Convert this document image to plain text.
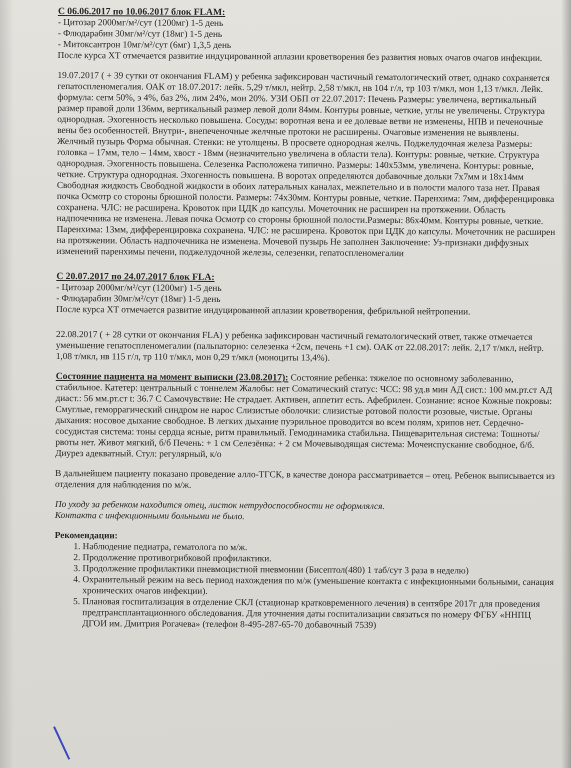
С 06.06.2017 по 10.06.2017 блок FLAM:

- Цитозар 2000мг/м²/сут (1200мг) 1-5 день

- Флюдарабин 30мг/м²/сут (18мг) 1-5 день

- Митоксантрон 10мг/м²/сут (6мг) 1,3,5 день

После курса ХТ отмечается развитие индуцированной аплазии кроветворения без развития новых очагов очагов инфекции.

19.07.2017 ( + 39 сутки от окончания FLAM) у ребенка зафиксирован частичный гематологический ответ, однако сохраняется гепатоспленомегалия. ОАК от 18.07.2017: лейк. 5,29 т/мкл, нейтр. 2,58 т/мкл, нв 104 г/л, тр 103 т/мкл, мон 1,13 т/мкл. Лейк. формула: сегм 50%, э 4%, баз 2%, лим 24%, мон 20%. УЗИ ОБП от 22.07.2017: Печень Размеры: увеличена, вертикальный размер правой доли 136мм, вертикальный размер левой доли 84мм. Контуры ровные, четкие, углы не увеличены. Структура однородная. Эхогенность несколько повышена. Сосуды: воротная вена и ее долевые ветви не изменены, НПВ и печеночные вены без особенностей. Внутри-, внепеченочные желчные протоки не расширены. Очаговые изменения не выявлены. Желчный пузырь Форма обычная. Стенки: не утолщены. В просвете однородная желчь. Поджелудочная железа Размеры: головка – 17мм, тело – 14мм, хвост - 18мм (незначительно увеличена в области тела). Контуры: ровные, четкие. Структура однородная. Эхогенность повышена. Селезенка Расположена типично. Размеры: 140x53мм, увеличена. Контуры: ровные, четкие. Структура однородная. Эхогенность повышена. В воротах определяются добавочные дольки 7x7мм и 18x14мм Свободная жидкость Свободной жидкости в обоих латеральных каналах, межпетельно и в полости малого таза нет. Правая почка Осмотр со стороны брюшной полости. Размеры: 74x30мм. Контуры ровные, четкие. Паренхима: 7мм, дифференцировка сохранена. ЧЛС: не расширена. Кровоток при ЦДК до капсулы. Мочеточник не расширен на протяжении. Область надпочечника не изменена. Левая почка Осмотр со стороны брюшной полости.Размеры: 86x40мм. Контуры ровные, четкие. Паренхима: 13мм, дифференцировка сохранена. ЧЛС: не расширена. Кровоток при ЦДК до капсулы. Мочеточник не расширен на протяжении. Область надпочечника не изменена. Мочевой пузырь Не заполнен Заключение: Уз-признаки диффузных изменений паренхимы печени, поджелудочной железы, селезенки, гепатоспленомегалии

С 20.07.2017 по 24.07.2017 блок FLA:

- Цитозар 2000мг/м²/сут (1200мг) 1-5 день

- Флюдарабин 30мг/м²/сут (18мг) 1-5 день

После курса ХТ отмечается развитие индуцированной аплазии кроветворения, фебрильной нейтропении.

22.08.2017 ( + 28 сутки от окончания FLA) у ребенка зафиксирован частичный гематологический ответ, также отмечается уменьшение гепатоспленомегалии (пальпаторно: селезенка +2см, печень +1 см). ОАК от 22.08.2017: лейк. 2,17 т/мкл, нейтр. 1,08 т/мкл, нв 115 г/л, тр 110 т/мкл, мон 0,29 т/мкл (моноциты 13,4%).

Состояние пациента на момент выписки (23.08.2017): Состояние ребенка: тяжелое по основному заболеванию, стабильное. Катетер: центральный с тоннелем Жалобы: нет Соматический статус: ЧСС: 98 уд.в мин АД сист.: 100 мм.рт.ст АД диаст.: 56 мм.рт.ст t: 36.7 С Самочувствие: Не страдает. Активен, аппетит есть. Афебрилен. Сознание: ясное Кожные покровы: Смуглые, геморрагический синдром не нарос Слизистые оболочки: слизистые ротовой полости розовые, чистые. Органы дыхания: носовое дыхание свободное. В легких дыхание пуэрильное проводится во всем полям, хрипов нет. Сердечно-сосудистая система: тоны сердца ясные, ритм правильный. Гемодинамика стабильна. Пищеварительная система: Тошноты/рвоты нет. Живот мягкий, б/б Печень: + 1 см Селезёнка: + 2 см Мочевыводящая система: Мочеиспускание свободное, б/б. Диурез адекватный. Стул: регулярный, к/о

В дальнейшем пациенту показано проведение алло-ТГСК, в качестве донора рассматривается – отец. Ребенок выписывается из отделения для наблюдения по м/ж.

По уходу за ребенком находится отец, листок нетрудоспособности не оформлялся.

Контакта с инфекционными больными не было.

Рекомендации:

1. Наблюдение педиатра, гематолога по м/ж.
2. Продолжение противогрибковой профилактики.
3. Продолжение профилактики пневмоцистной пневмонии (Бисептол(480) 1 таб/сут 3 раза в неделю)
4. Охранительный режим на весь период нахождения по м/ж (уменьшение контакта с инфекционными больными, санация хронических очагов инфекции).
5. Плановая госпитализация в отделение СКЛ (стационар кратковременного лечения) в сентябре 2017г для проведения предтрансплантационного обследования. Для уточнения даты госпитализации связаться по номеру ФГБУ «ННПЦ ДГОИ им. Дмитрия Рогачева» (телефон 8-495-287-65-70 добавочный 7539)
